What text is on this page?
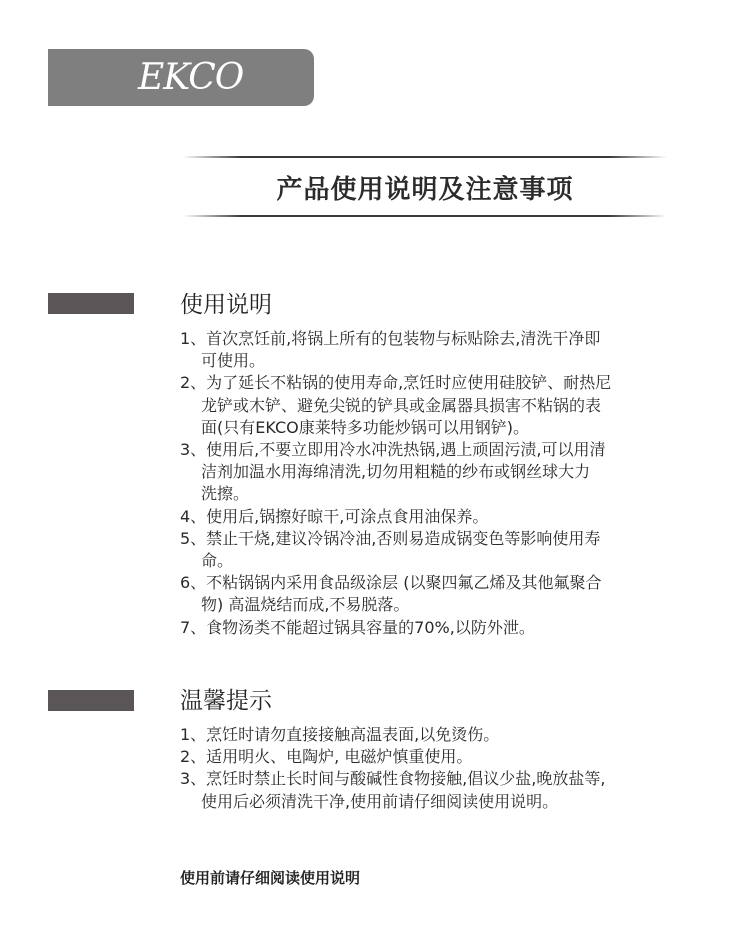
EKCO
产品使用说明及注意事项
使用说明
1、首次烹饪前,将锅上所有的包装物与标贴除去,清洗干净即
可使用。
2、为了延长不粘锅的使用寿命,烹饪时应使用硅胶铲、耐热尼
龙铲或木铲、避免尖锐的铲具或金属器具损害不粘锅的表
面(只有EKCO康莱特多功能炒锅可以用钢铲)。
3、使用后,不要立即用冷水冲洗热锅,遇上顽固污渍,可以用清
洁剂加温水用海绵清洗,切勿用粗糙的纱布或钢丝球大力
洗擦。
4、使用后,锅擦好晾干,可涂点食用油保养。
5、禁止干烧,建议冷锅冷油,否则易造成锅变色等影响使用寿
命。
6、不粘锅锅内采用食品级涂层 (以聚四氟乙烯及其他氟聚合
物) 高温烧结而成,不易脱落。
7、食物汤类不能超过锅具容量的70%,以防外泄。
温馨提示
1、烹饪时请勿直接接触高温表面,以免烫伤。
2、适用明火、电陶炉, 电磁炉慎重使用。
3、烹饪时禁止长时间与酸碱性食物接触,倡议少盐,晚放盐等,
使用后必须清洗干净,使用前请仔细阅读使用说明。
使用前请仔细阅读使用说明
